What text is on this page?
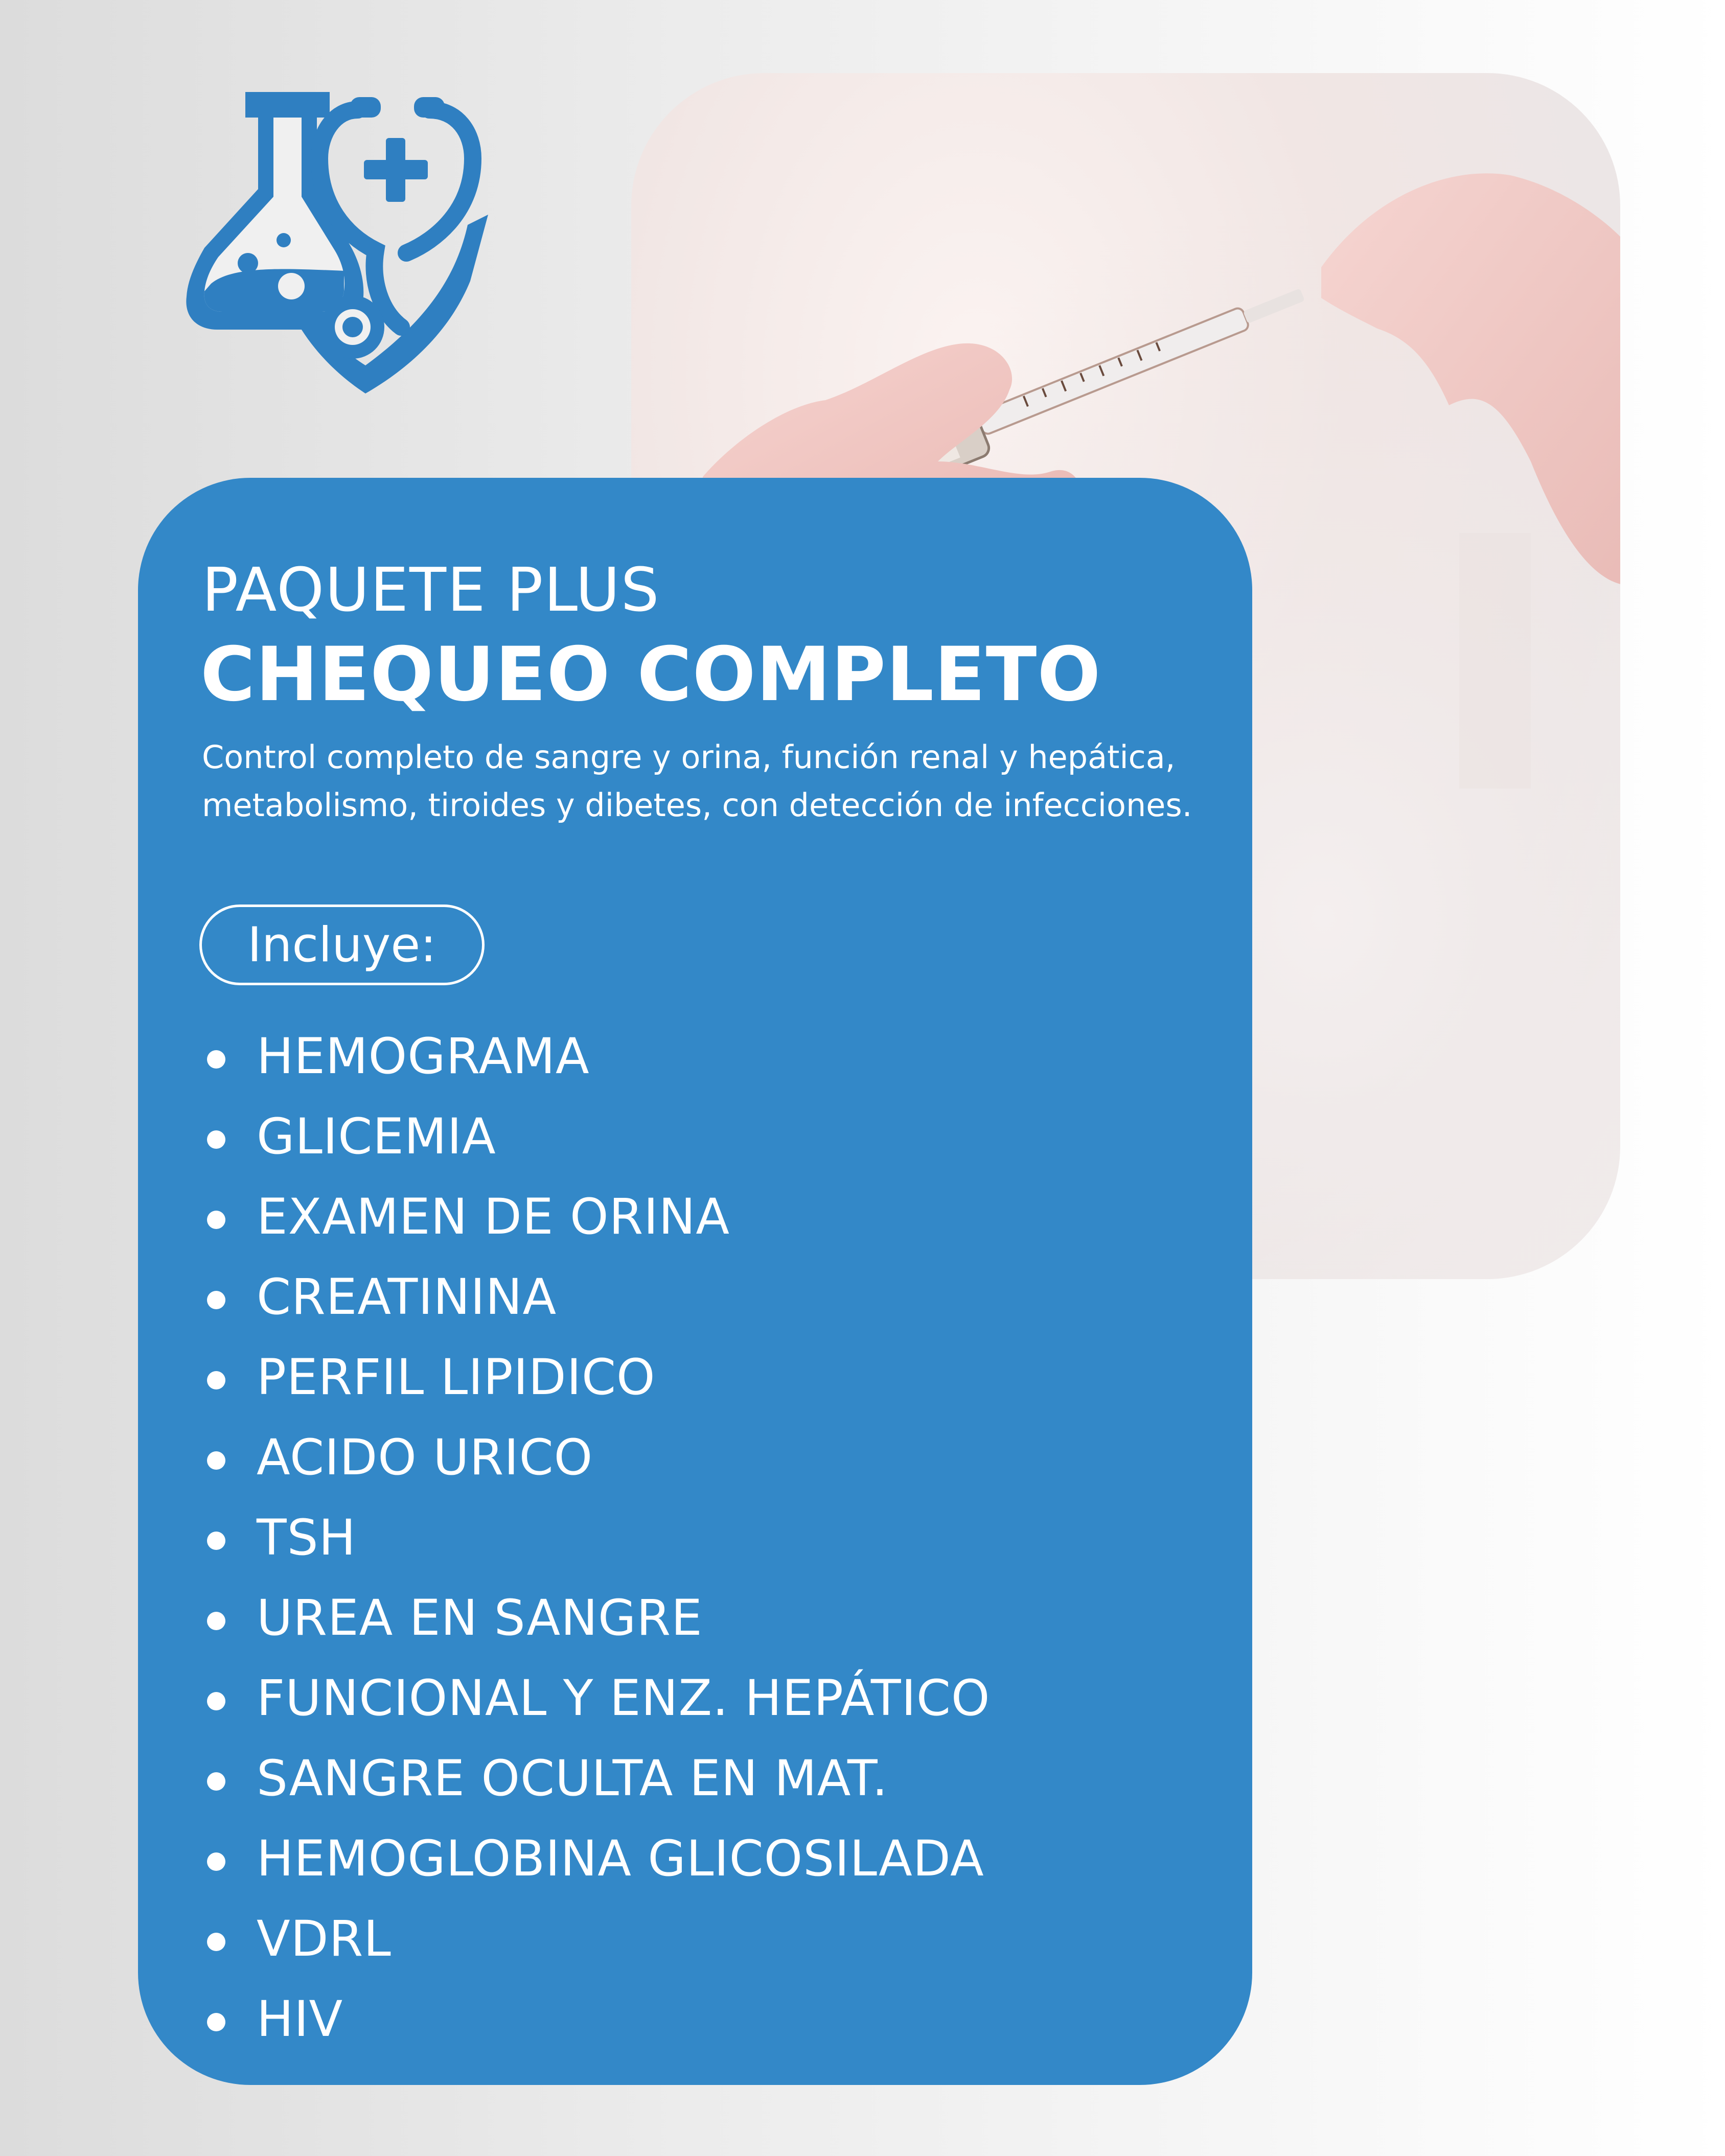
PAQUETE PLUS

CHEQUEO COMPLETO

Control completo de sangre y orina, función renal y hepática, metabolismo, tiroides y dibetes, con detección de infecciones.

Incluye:
HEMOGRAMA
GLICEMIA
EXAMEN DE ORINA
CREATININA
PERFIL LIPIDICO
ACIDO URICO
TSH
UREA EN SANGRE
FUNCIONAL Y ENZ. HEPÁTICO
SANGRE OCULTA EN MAT.
HEMOGLOBINA GLICOSILADA
VDRL
HIV
